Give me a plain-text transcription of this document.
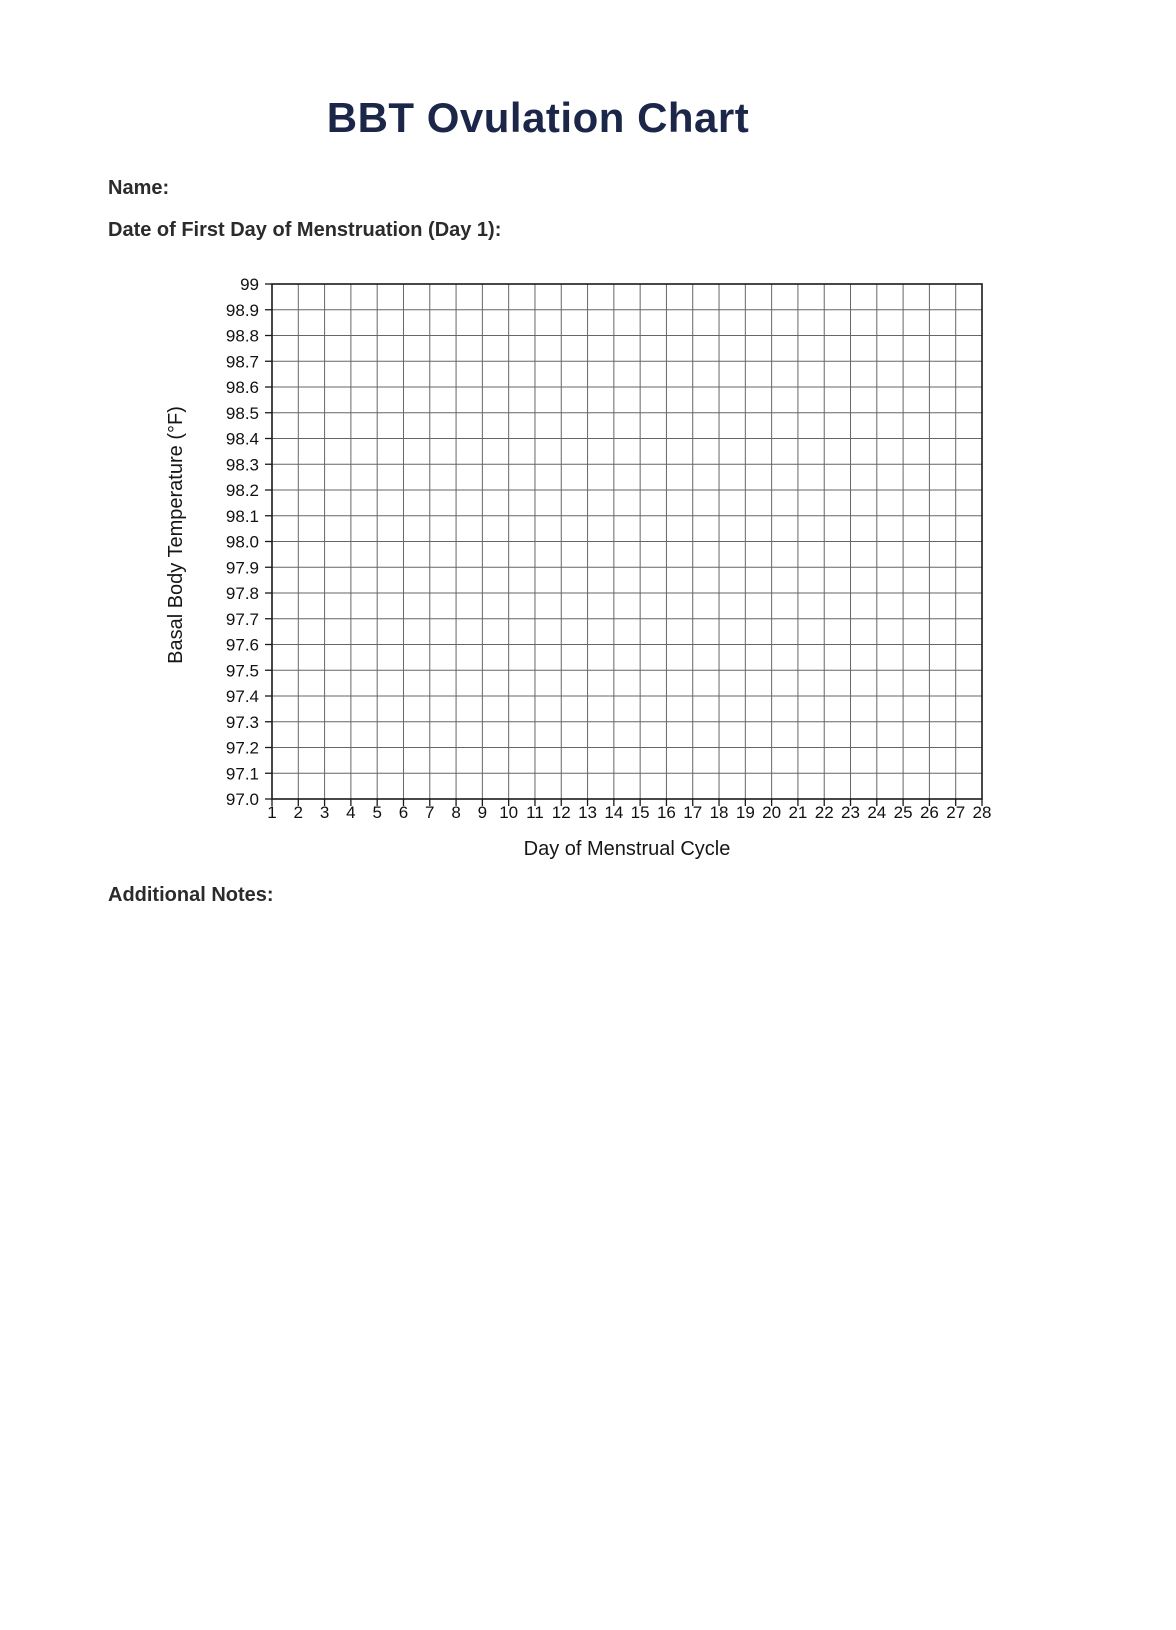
BBT Ovulation Chart

Name:

Date of First Day of Menstruation (Day 1):

99
98.9
98.8
98.7
98.6
98.5
98.4
98.3
98.2
98.1
98.0
97.9
97.8
97.7
97.6
97.5
97.4
97.3
97.2
97.1
97.0
1 2 3 4 5 6 7 8 9 10 11 12 13 14 15 16 17 18 19 20 21 22 23 24 25 26 27 28
Day of Menstrual Cycle
Basal Body Temperature (°F)

Additional Notes:
